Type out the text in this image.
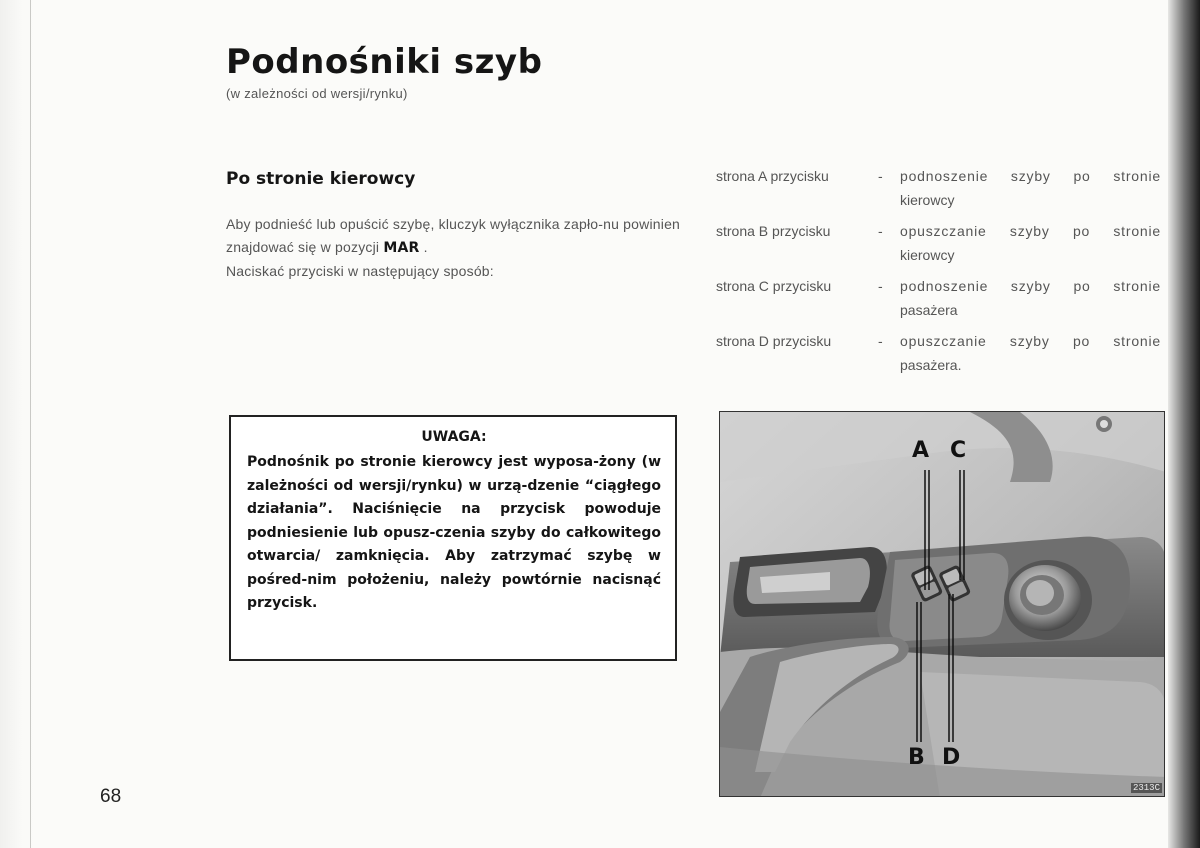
Podnośniki szyb
(w zależności od wersji/rynku)
Po stronie kierowcy

Aby podnieść lub opuścić szybę, kluczyk wyłącznika zapło-nu powinien znajdować się w pozycji MAR .

Naciskać przyciski w następujący sposób:

strona A przycisku	-	podnoszenie szyby po stronie
kierowcy
strona B przycisku	-	opuszczanie szyby po stronie
kierowcy
strona C przycisku	-	podnoszenie szyby po stronie
pasażera
strona D przycisku	-	opuszczanie szyby po stronie
pasażera.
UWAGA:
Podnośnik po stronie kierowcy jest wyposa-żony (w zależności od wersji/rynku) w urzą-dzenie “ciągłego działania”. Naciśnięcie na przycisk powoduje podniesienie lub opusz-czenia szyby do całkowitego otwarcia/ zamknięcia. Aby zatrzymać szybę w pośred-nim położeniu, należy powtórnie nacisnąć przycisk.
A C
B D
2313C
68
